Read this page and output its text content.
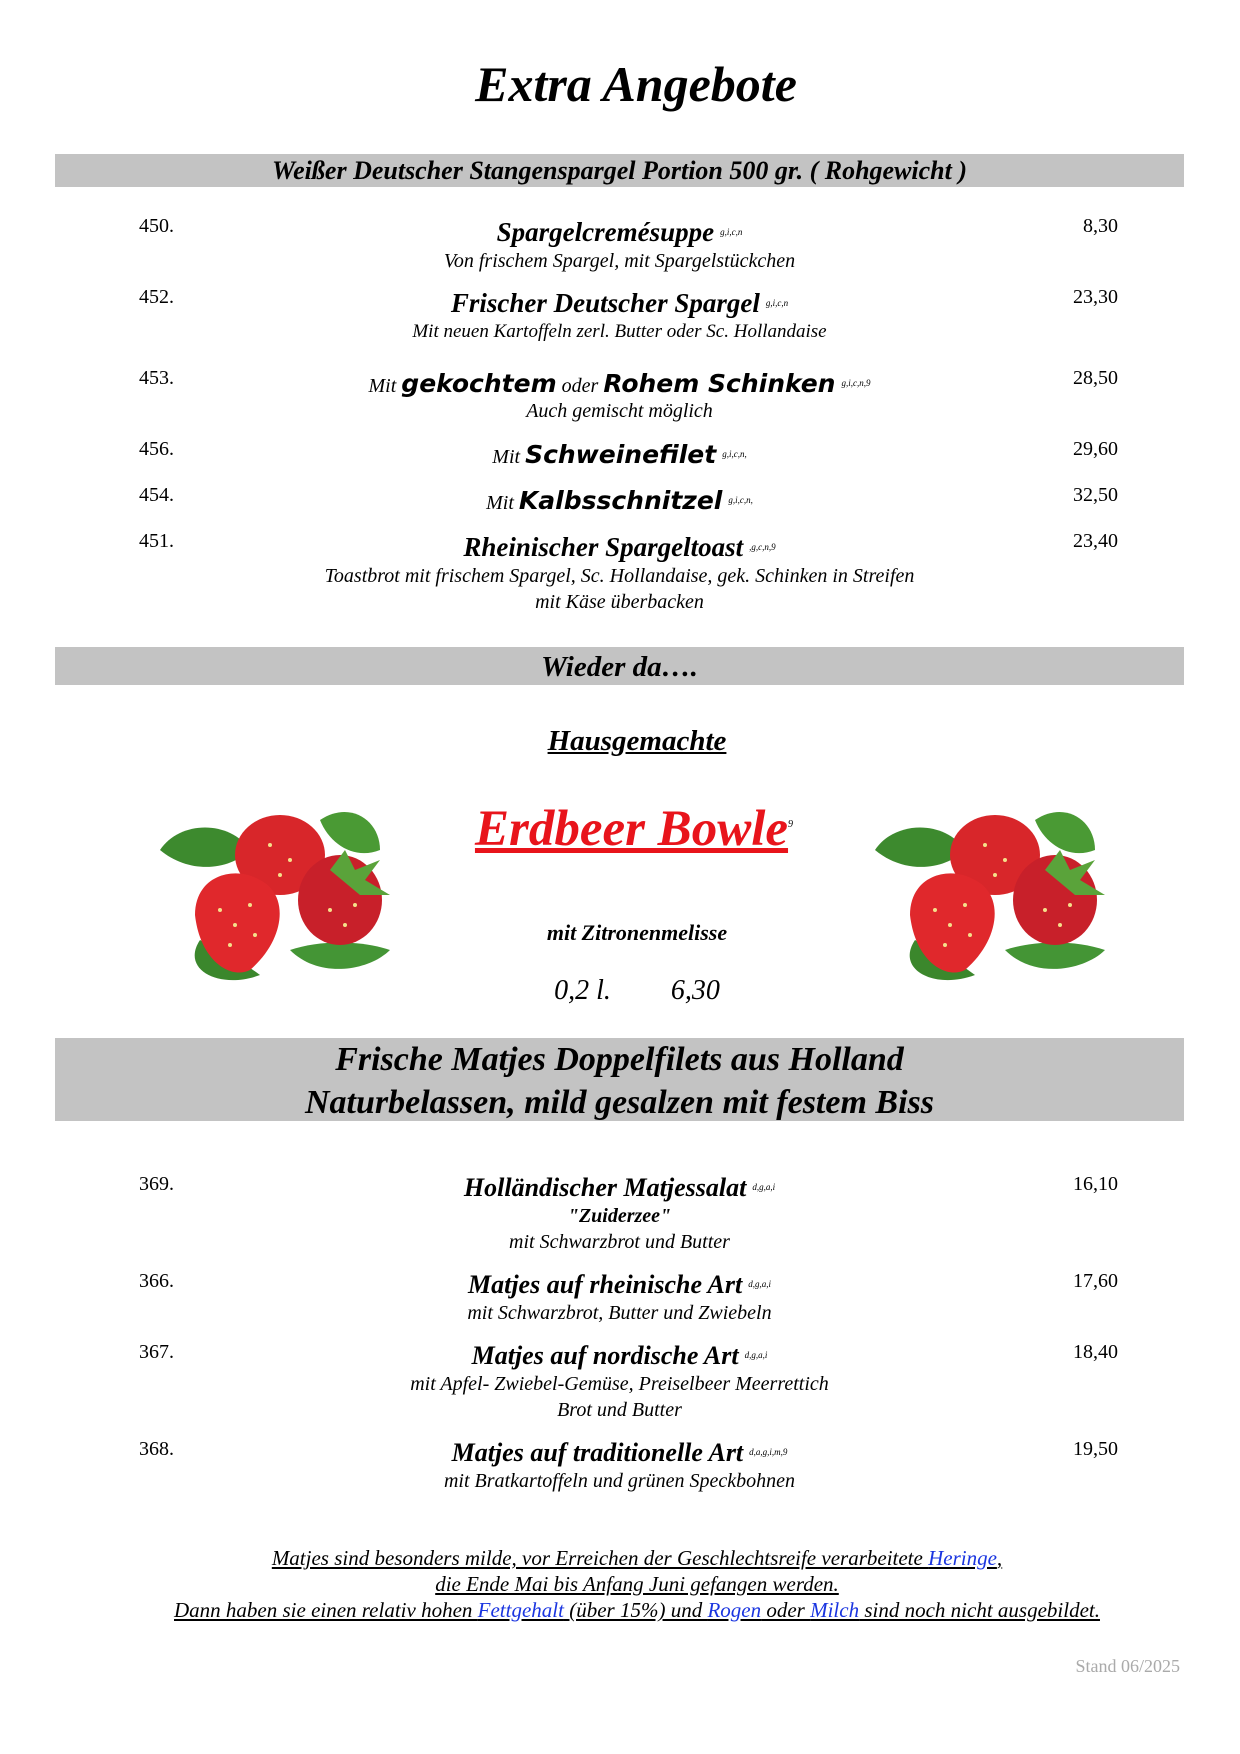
Extra Angebote
Weißer Deutscher Stangenspargel Portion 500 gr. ( Rohgewicht )
450.	Spargelcremésuppe $^{g,i,c,n}$
Von frischem Spargel, mit Spargelstückchen
8,30
452.	Frischer Deutscher Spargel $^{g,i,c,n}$
Mit neuen Kartoffeln zerl. Butter oder Sc. Hollandaise
23,30
453.	Mit gekochtem oder Rohem Schinken $^{g,i,c,n,9}$
Auch gemischt möglich
28,50
456.	Mit Schweinefilet $^{g,i,c,n,}$	29,60
454.	Mit Kalbsschnitzel $^{g,i,c,n,}$	32,50
451.	Rheinischer Spargeltoast $^{,g,c,n,9}$
Toastbrot mit frischem Spargel, Sc. Hollandaise, gek. Schinken in Streifen
mit Käse überbacken
23,40
Wieder da….
Hausgemachte
Erdbeer Bowle$^9$
mit Zitronenmelisse
0,2 l. 6,30
Frische Matjes Doppelfilets aus Holland
Naturbelassen, mild gesalzen mit festem Biss
369.	Holländischer Matjessalat $^{d,g,a,i}$
"Zuiderzee"
mit Schwarzbrot und Butter
16,10
366.	Matjes auf rheinische Art $^{d,g,a,i}$
mit Schwarzbrot, Butter und Zwiebeln
17,60
367.	Matjes auf nordische Art $^{d,g,a,i}$
mit Apfel- Zwiebel-Gemüse, Preiselbeer Meerrettich
Brot und Butter
18,40
368.	Matjes auf traditionelle Art $^{d,a,g,i,m,9}$
mit Bratkartoffeln und grünen Speckbohnen
19,50
Matjes sind besonders milde, vor Erreichen der Geschlechtsreife verarbeitete Heringe,
die Ende Mai bis Anfang Juni gefangen werden.
Dann haben sie einen relativ hohen Fettgehalt (über 15%) und Rogen oder Milch sind noch nicht ausgebildet.
Stand 06/2025
